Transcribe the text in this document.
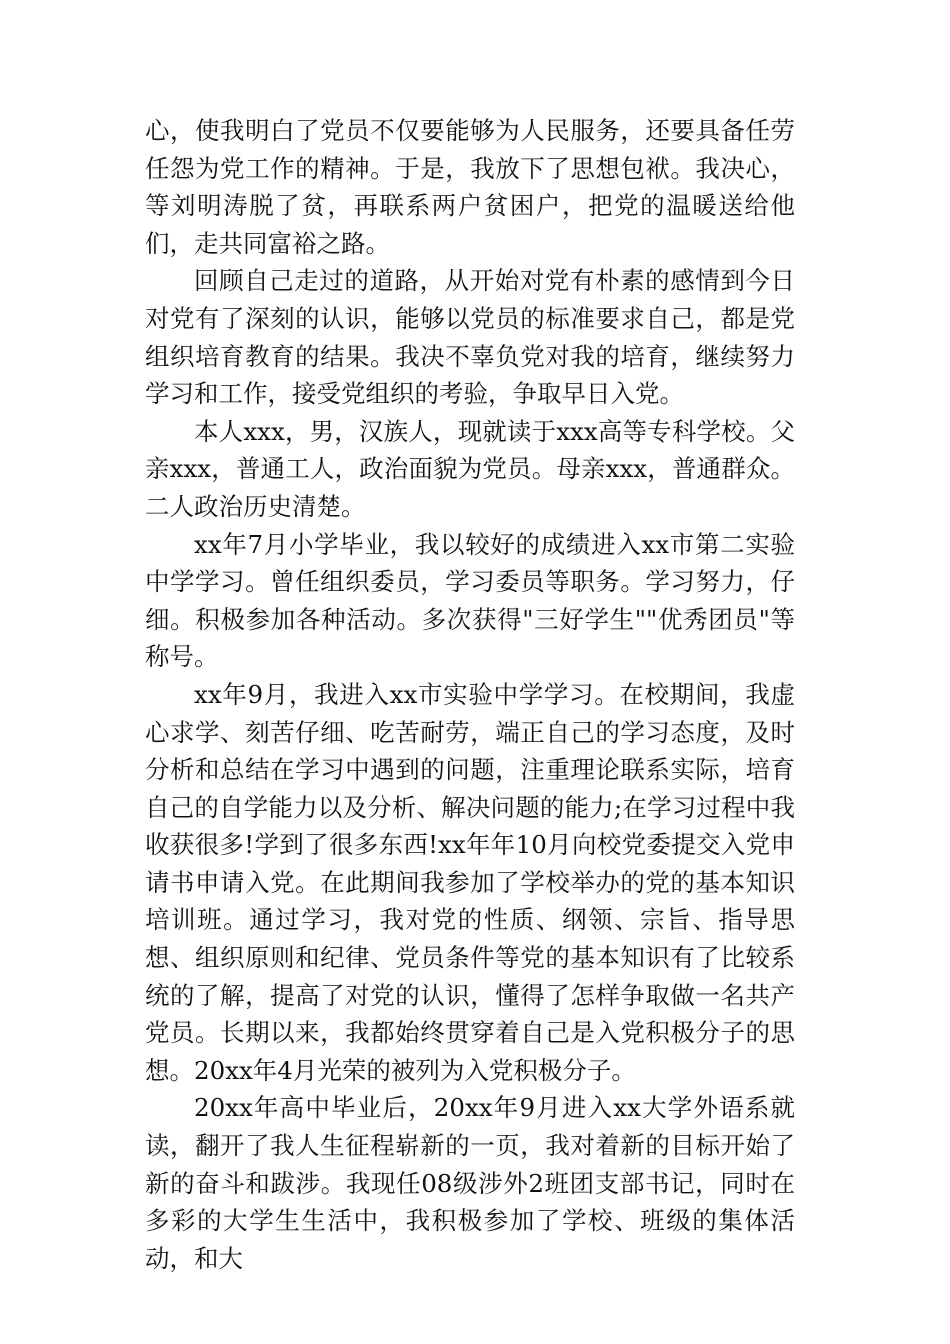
心，使我明白了党员不仅要能够为人民服务，还要具备任劳任怨为党工作的精神。于是，我放下了思想包袱。我决心，等刘明涛脱了贫，再联系两户贫困户，把党的温暖送给他们，走共同富裕之路。

回顾自己走过的道路，从开始对党有朴素的感情到今日对党有了深刻的认识，能够以党员的标准要求自己，都是党组织培育教育的结果。我决不辜负党对我的培育，继续努力学习和工作，接受党组织的考验，争取早日入党。

本人xxx，男，汉族人，现就读于xxx高等专科学校。父亲xxx，普通工人，政治面貌为党员。母亲xxx，普通群众。二人政治历史清楚。

xx年7月小学毕业，我以较好的成绩进入xx市第二实验中学学习。曾任组织委员，学习委员等职务。学习努力，仔细。积极参加各种活动。多次获得"三好学生""优秀团员"等称号。

xx年9月，我进入xx市实验中学学习。在校期间，我虚心求学、刻苦仔细、吃苦耐劳，端正自己的学习态度，及时分析和总结在学习中遇到的问题，注重理论联系实际，培育自己的自学能力以及分析、解决问题的能力;在学习过程中我收获很多!学到了很多东西!xx年年10月向校党委提交入党申请书申请入党。在此期间我参加了学校举办的党的基本知识培训班。通过学习，我对党的性质、纲领、宗旨、指导思想、组织原则和纪律、党员条件等党的基本知识有了比较系统的了解，提高了对党的认识，懂得了怎样争取做一名共产党员。长期以来，我都始终贯穿着自己是入党积极分子的思想。20xx年4月光荣的被列为入党积极分子。

20xx年高中毕业后，20xx年9月进入xx大学外语系就读，翻开了我人生征程崭新的一页，我对着新的目标开始了新的奋斗和跋涉。我现任08级涉外2班团支部书记，同时在多彩的大学生生活中，我积极参加了学校、班级的集体活动，和大
